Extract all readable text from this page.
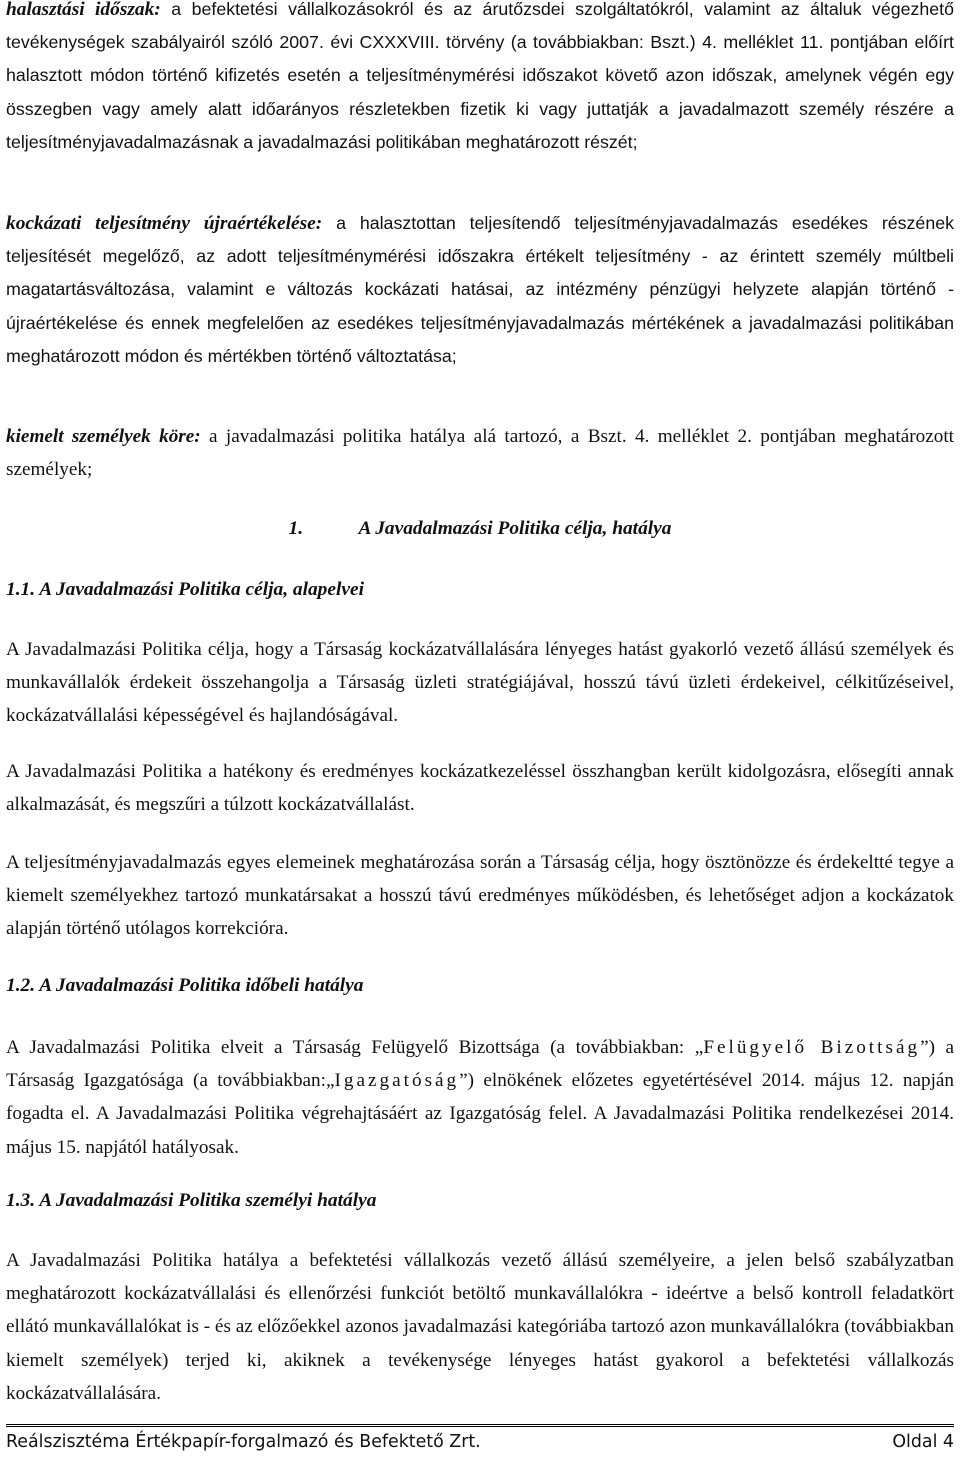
halasztási időszak: a befektetési vállalkozásokról és az árutőzsdei szolgáltatókról, valamint az általuk végezhető tevékenységek szabályairól szóló 2007. évi CXXXVIII. törvény (a továbbiakban: Bszt.) 4. melléklet 11. pontjában előírt halasztott módon történő kifizetés esetén a teljesítménymérési időszakot követő azon időszak, amelynek végén egy összegben vagy amely alatt időarányos részletekben fizetik ki vagy juttatják a javadalmazott személy részére a teljesítményjavadalmazásnak a javadalmazási politikában meghatározott részét;

kockázati teljesítmény újraértékelése: a halasztottan teljesítendő teljesítményjavadalmazás esedékes részének teljesítését megelőző, az adott teljesítménymérési időszakra értékelt teljesítmény - az érintett személy múltbeli magatartásváltozása, valamint e változás kockázati hatásai, az intézmény pénzügyi helyzete alapján történő - újraértékelése és ennek megfelelően az esedékes teljesítményjavadalmazás mértékének a javadalmazási politikában meghatározott módon és mértékben történő változtatása;

kiemelt személyek köre: a javadalmazási politika hatálya alá tartozó, a Bszt. 4. melléklet 2. pontjában meghatározott személyek;

1.	A Javadalmazási Politika célja, hatálya
1.1. A Javadalmazási Politika célja, alapelvei

A Javadalmazási Politika célja, hogy a Társaság kockázatvállalására lényeges hatást gyakorló vezető állású személyek és munkavállalók érdekeit összehangolja a Társaság üzleti stratégiájával, hosszú távú üzleti érdekeivel, célkitűzéseivel, kockázatvállalási képességével és hajlandóságával.

A Javadalmazási Politika a hatékony és eredményes kockázatkezeléssel összhangban került kidolgozásra, elősegíti annak alkalmazását, és megszűri a túlzott kockázatvállalást.

A teljesítményjavadalmazás egyes elemeinek meghatározása során a Társaság célja, hogy ösztönözze és érdekeltté tegye a kiemelt személyekhez tartozó munkatársakat a hosszú távú eredményes működésben, és lehetőséget adjon a kockázatok alapján történő utólagos korrekcióra.

1.2. A Javadalmazási Politika időbeli hatálya

A Javadalmazási Politika elveit a Társaság Felügyelő Bizottsága (a továbbiakban: „Felügyelő Bizottság”) a Társaság Igazgatósága (a továbbiakban:„Igazgatóság”) elnökének előzetes egyetértésével 2014. május 12. napján fogadta el. A Javadalmazási Politika végrehajtásáért az Igazgatóság felel. A Javadalmazási Politika rendelkezései 2014. május 15. napjától hatályosak.

1.3. A Javadalmazási Politika személyi hatálya

A Javadalmazási Politika hatálya a befektetési vállalkozás vezető állású személyeire, a jelen belső szabályzatban meghatározott kockázatvállalási és ellenőrzési funkciót betöltő munkavállalókra - ideértve a belső kontroll feladatkört ellátó munkavállalókat is - és az előzőekkel azonos javadalmazási kategóriába tartozó azon munkavállalókra (továbbiakban kiemelt személyek) terjed ki, akiknek a tevékenysége lényeges hatást gyakorol a befektetési vállalkozás kockázatvállalására.

Reálszisztéma Értékpapír-forgalmazó és Befektető Zrt.	Oldal 4
